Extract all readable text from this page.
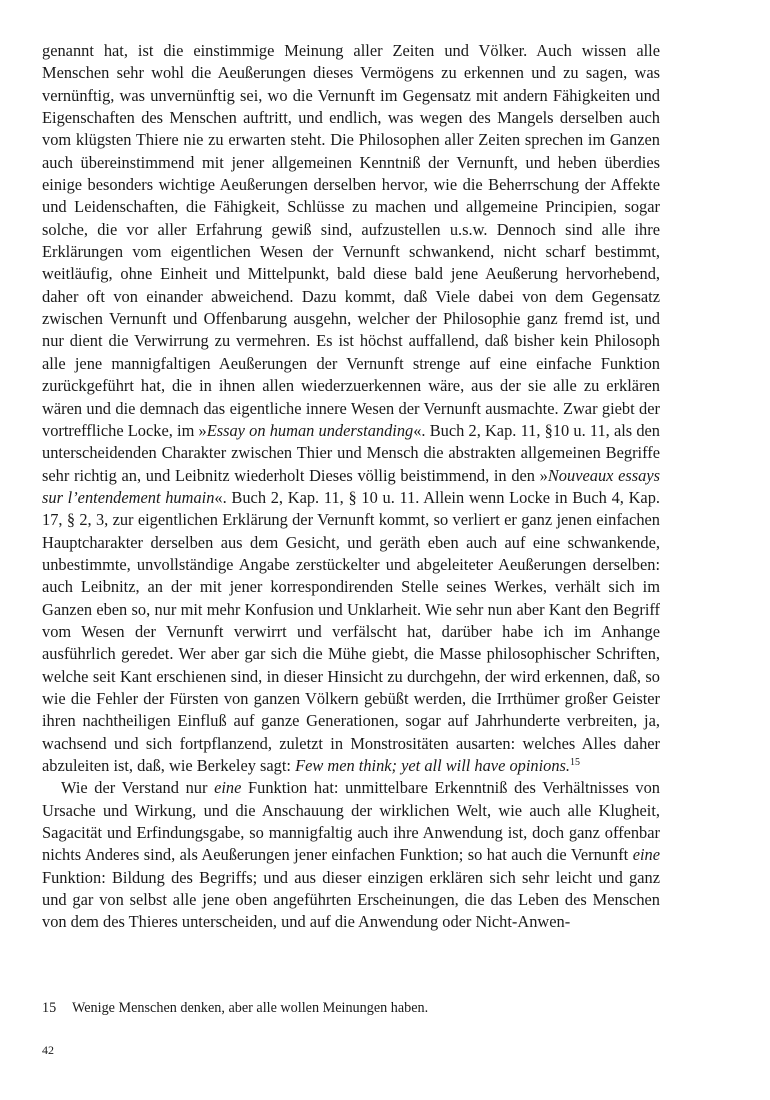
genannt hat, ist die einstimmige Meinung aller Zeiten und Völker. Auch wissen alle Menschen sehr wohl die Aeußerungen dieses Vermögens zu erkennen und zu sagen, was vernünftig, was unvernünftig sei, wo die Vernunft im Gegensatz mit andern Fähigkeiten und Eigenschaften des Menschen auftritt, und endlich, was wegen des Mangels derselben auch vom klügsten Thiere nie zu erwarten steht. Die Philosophen aller Zeiten sprechen im Ganzen auch übereinstimmend mit jener allgemeinen Kenntniß der Vernunft, und heben überdies einige besonders wichtige Aeußerungen derselben hervor, wie die Beherrschung der Affekte und Leidenschaften, die Fähigkeit, Schlüsse zu machen und allgemeine Principien, sogar solche, die vor aller Erfahrung gewiß sind, aufzustellen u.s.w. Dennoch sind alle ihre Erklärungen vom eigentlichen Wesen der Vernunft schwankend, nicht scharf bestimmt, weitläufig, ohne Einheit und Mittelpunkt, bald diese bald jene Aeußerung hervorhebend, daher oft von einander abweichend. Dazu kommt, daß Viele dabei von dem Gegensatz zwischen Vernunft und Offenbarung ausgehn, welcher der Philosophie ganz fremd ist, und nur dient die Verwirrung zu vermehren. Es ist höchst auffallend, daß bisher kein Philosoph alle jene mannigfaltigen Aeußerungen der Vernunft strenge auf eine einfache Funktion zurückgeführt hat, die in ihnen allen wiederzuerkennen wäre, aus der sie alle zu erklären wären und die demnach das eigentliche innere Wesen der Vernunft ausmachte. Zwar giebt der vortreffliche Locke, im »Essay on human understanding«. Buch 2, Kap. 11, §10 u. 11, als den unterscheidenden Charakter zwischen Thier und Mensch die abstrakten allgemeinen Begriffe sehr richtig an, und Leibnitz wiederholt Dieses völlig beistimmend, in den »Nouveaux essays sur l’entendement humain«. Buch 2, Kap. 11, § 10 u. 11. Allein wenn Locke in Buch 4, Kap. 17, § 2, 3, zur eigentlichen Erklärung der Vernunft kommt, so verliert er ganz jenen einfachen Hauptcharakter derselben aus dem Gesicht, und geräth eben auch auf eine schwankende, unbestimmte, unvollständige Angabe zerstückelter und abgeleiteter Aeußerungen derselben: auch Leibnitz, an der mit jener korrespondirenden Stelle seines Werkes, verhält sich im Ganzen eben so, nur mit mehr Konfusion und Unklarheit. Wie sehr nun aber Kant den Begriff vom Wesen der Vernunft verwirrt und verfälscht hat, darüber habe ich im Anhange ausführlich geredet. Wer aber gar sich die Mühe giebt, die Masse philosophischer Schriften, welche seit Kant erschienen sind, in dieser Hinsicht zu durchgehn, der wird erkennen, daß, so wie die Fehler der Fürsten von ganzen Völkern gebüßt werden, die Irrthümer großer Geister ihren nachtheiligen Einfluß auf ganze Generationen, sogar auf Jahrhunderte verbreiten, ja, wachsend und sich fortpflanzend, zuletzt in Monstrositäten ausarten: welches Alles daher abzuleiten ist, daß, wie Berkeley sagt: Few men think; yet all will have opinions.$^{15}$

Wie der Verstand nur eine Funktion hat: unmittelbare Erkenntniß des Verhältnisses von Ursache und Wirkung, und die Anschauung der wirklichen Welt, wie auch alle Klugheit, Sagacität und Erfindungsgabe, so mannigfaltig auch ihre Anwendung ist, doch ganz offenbar nichts Anderes sind, als Aeußerungen jener einfachen Funktion; so hat auch die Vernunft eine Funktion: Bildung des Begriffs; und aus dieser einzigen erklären sich sehr leicht und ganz und gar von selbst alle jene oben angeführten Erscheinungen, die das Leben des Menschen von dem des Thieres unterscheiden, und auf die Anwendung oder Nicht-Anwen-

15 Wenige Menschen denken, aber alle wollen Meinungen haben.
42
